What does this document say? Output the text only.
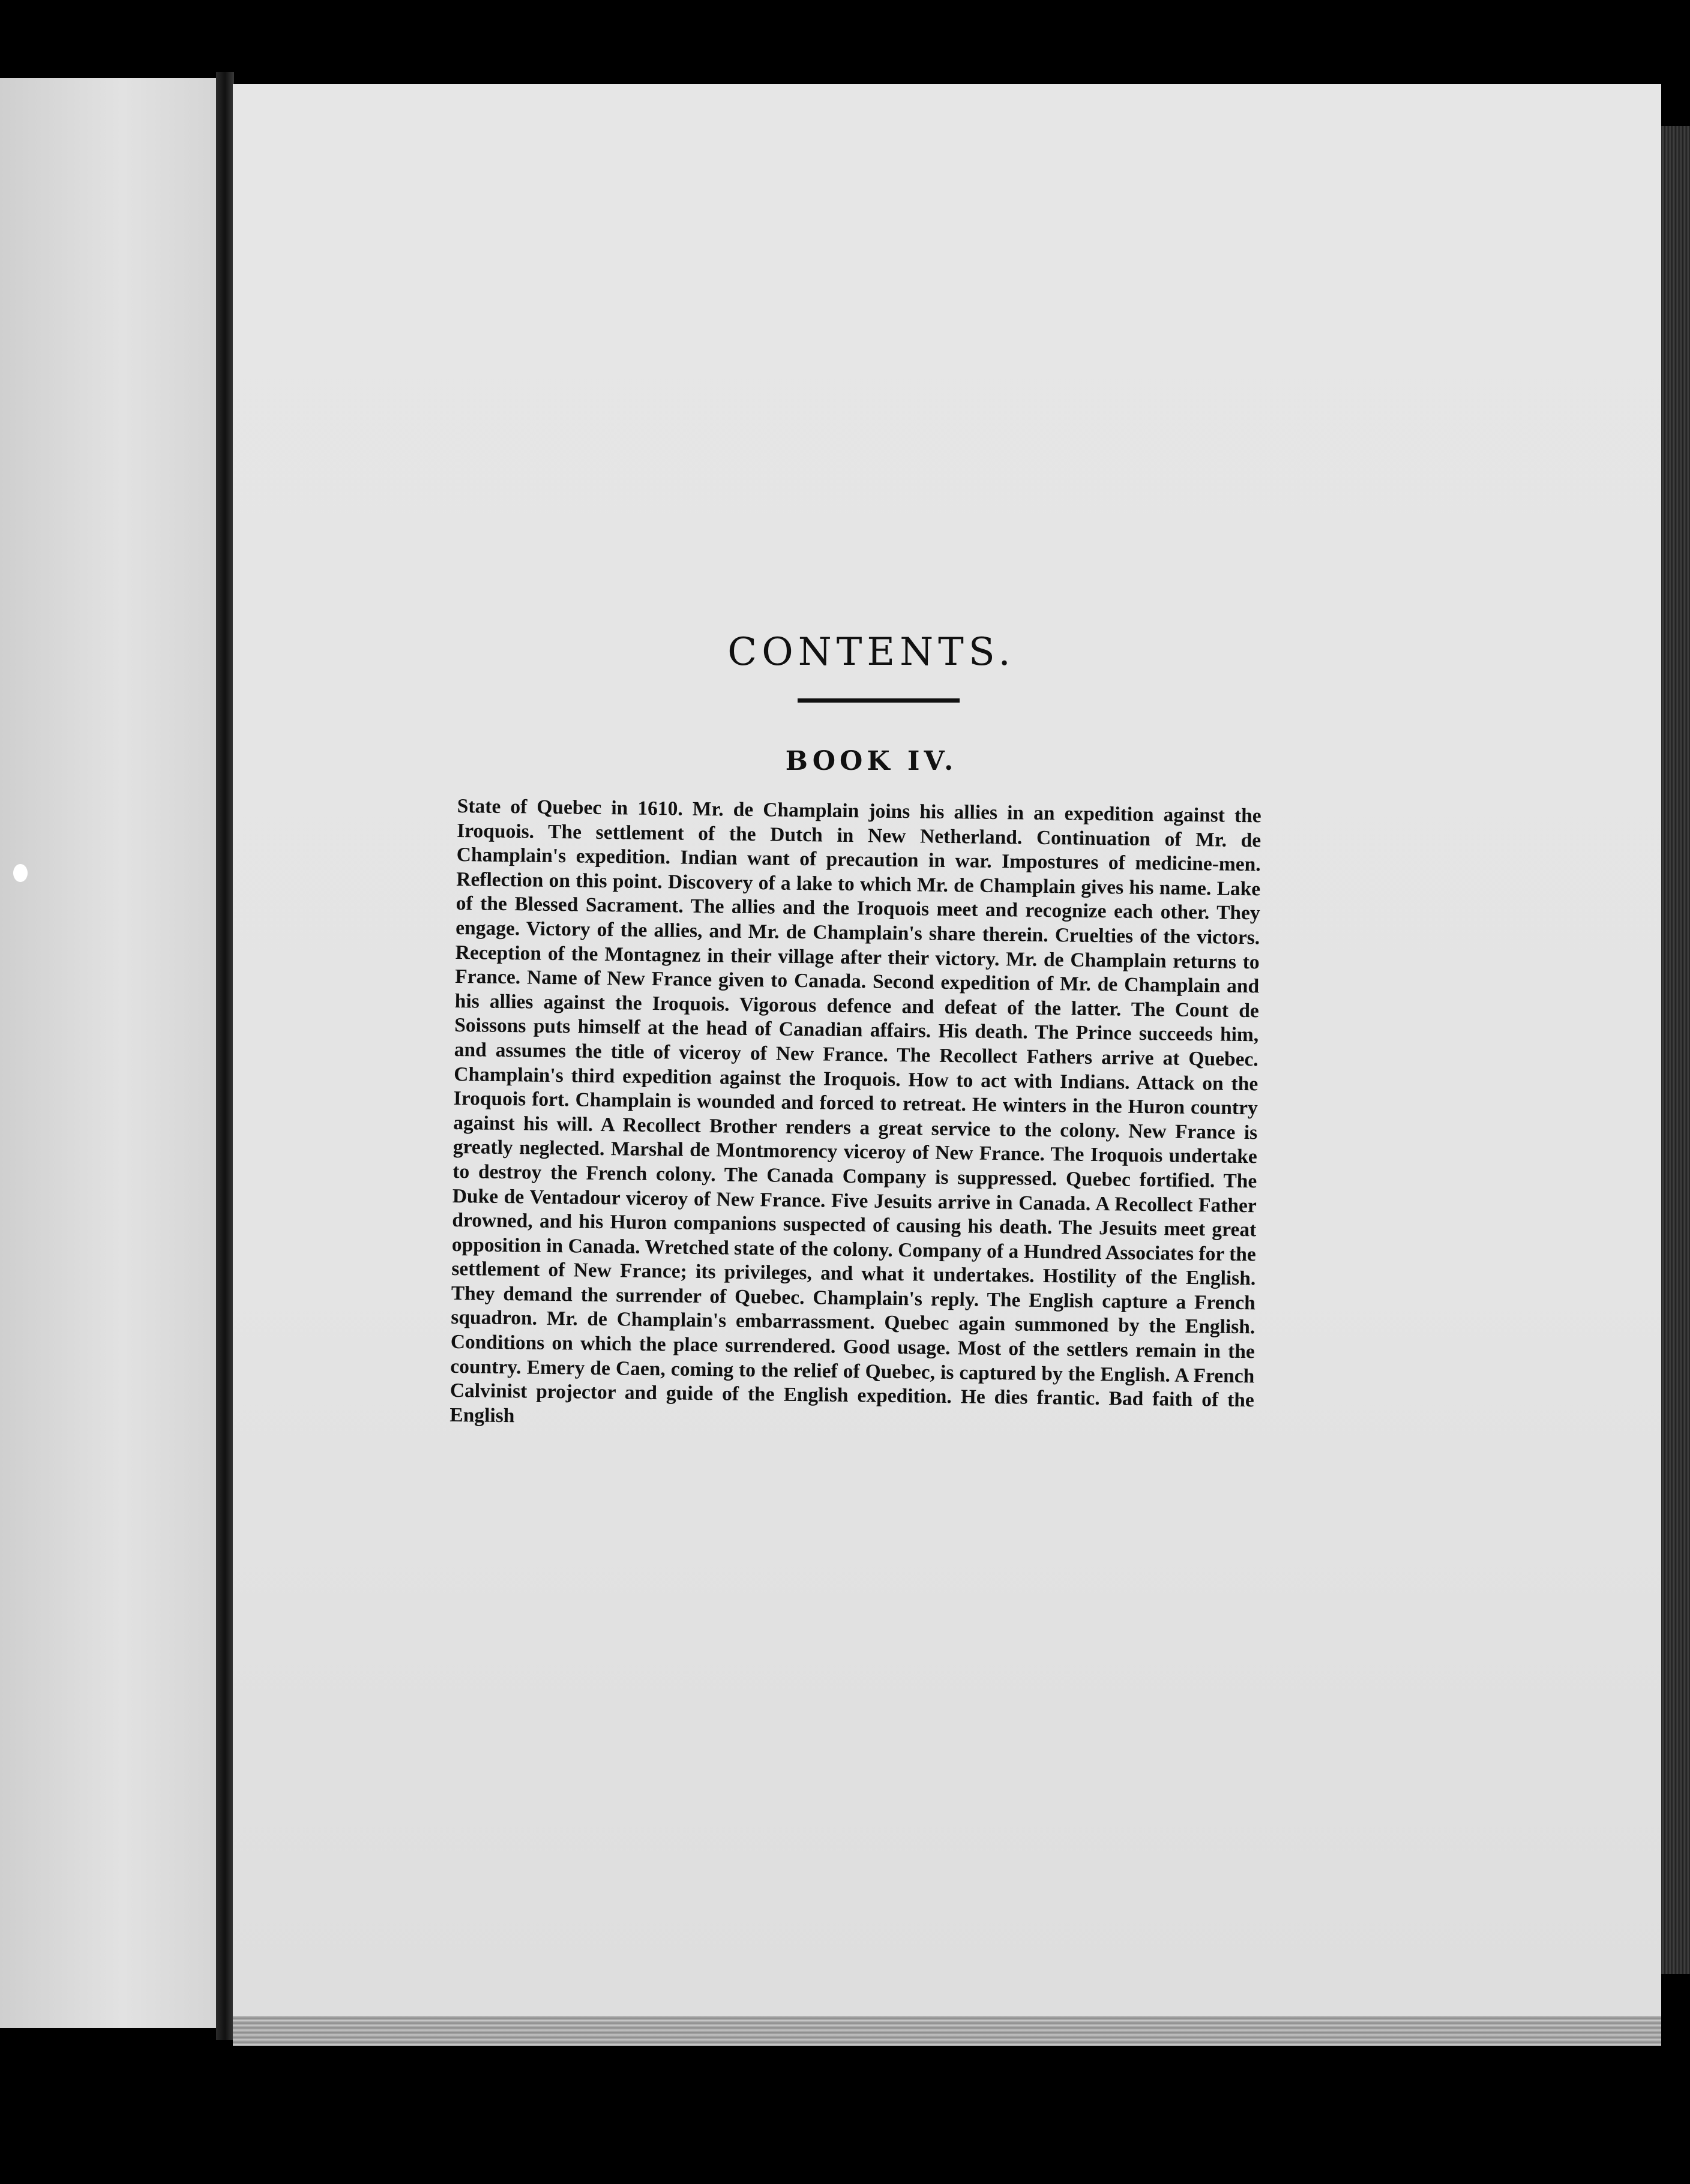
CONTENTS.
BOOK IV.

State of Quebec in 1610. Mr. de Champlain joins his allies in an expedition against the Iroquois. The settlement of the Dutch in New Netherland. Continuation of Mr. de Champlain's expedition. Indian want of precaution in war. Impostures of medicine-men. Reflection on this point. Discovery of a lake to which Mr. de Champlain gives his name. Lake of the Blessed Sacrament. The allies and the Iroquois meet and recognize each other. They engage. Victory of the allies, and Mr. de Champlain's share therein. Cruelties of the victors. Reception of the Montagnez in their village after their victory. Mr. de Champlain returns to France. Name of New France given to Canada. Second expedition of Mr. de Champlain and his allies against the Iroquois. Vigorous defence and defeat of the latter. The Count de Soissons puts himself at the head of Canadian affairs. His death. The Prince succeeds him, and assumes the title of viceroy of New France. The Recollect Fathers arrive at Quebec. Champlain's third expedition against the Iroquois. How to act with Indians. Attack on the Iroquois fort. Champlain is wounded and forced to retreat. He winters in the Huron country against his will. A Recollect Brother renders a great service to the colony. New France is greatly neglected. Marshal de Montmorency viceroy of New France. The Iroquois undertake to destroy the French colony. The Canada Company is suppressed. Quebec fortified. The Duke de Ventadour viceroy of New France. Five Jesuits arrive in Canada. A Recollect Father drowned, and his Huron companions suspected of causing his death. The Jesuits meet great opposition in Canada. Wretched state of the colony. Company of a Hundred Associates for the settlement of New France; its privileges, and what it undertakes. Hostility of the English. They demand the surrender of Quebec. Champlain's reply. The English capture a French squadron. Mr. de Champlain's embarrassment. Quebec again summoned by the English. Conditions on which the place surrendered. Good usage. Most of the settlers remain in the country. Emery de Caen, coming to the relief of Quebec, is captured by the English. A French Calvinist projector and guide of the English expedition. He dies frantic. Bad faith of the English
